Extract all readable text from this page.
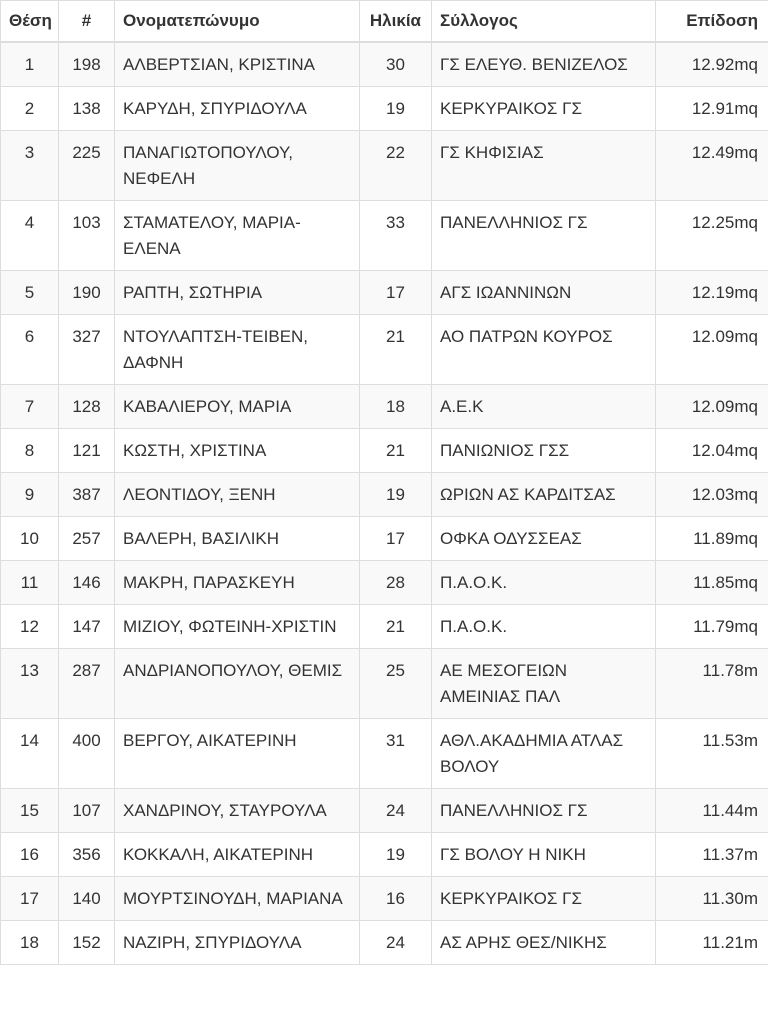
Θέση	#	Ονοματεπώνυμο	Ηλικία	Σύλλογος	Επίδοση
1	198	ΑΛΒΕΡΤΣΙΑΝ, ΚΡΙΣΤΙΝΑ	30	ΓΣ ΕΛΕΥΘ. ΒΕΝΙΖΕΛΟΣ	12.92mq
2	138	ΚΑΡΥΔΗ, ΣΠΥΡΙΔΟΥΛΑ	19	ΚΕΡΚΥΡΑΙΚΟΣ ΓΣ	12.91mq
3	225	ΠΑΝΑΓΙΩΤΟΠΟΥΛΟΥ, ΝΕΦΕΛΗ	22	ΓΣ ΚΗΦΙΣΙΑΣ	12.49mq
4	103	ΣΤΑΜΑΤΕΛΟΥ, ΜΑΡΙΑ-ΕΛΕΝΑ	33	ΠΑΝΕΛΛΗΝΙΟΣ ΓΣ	12.25mq
5	190	ΡΑΠΤΗ, ΣΩΤΗΡΙΑ	17	ΑΓΣ ΙΩΑΝΝΙΝΩΝ	12.19mq
6	327	ΝΤΟΥΛΑΠΤΣΗ-ΤΕΙΒΕΝ, ΔΑΦΝΗ	21	ΑΟ ΠΑΤΡΩΝ ΚΟΥΡΟΣ	12.09mq
7	128	ΚΑΒΑΛΙΕΡΟΥ, ΜΑΡΙΑ	18	Α.Ε.Κ	12.09mq
8	121	ΚΩΣΤΗ, ΧΡΙΣΤΙΝΑ	21	ΠΑΝΙΩΝΙΟΣ ΓΣΣ	12.04mq
9	387	ΛΕΟΝΤΙΔΟΥ, ΞΕΝΗ	19	ΩΡΙΩΝ ΑΣ ΚΑΡΔΙΤΣΑΣ	12.03mq
10	257	ΒΑΛΕΡΗ, ΒΑΣΙΛΙΚΗ	17	ΟΦΚΑ ΟΔΥΣΣΕΑΣ	11.89mq
11	146	ΜΑΚΡΗ, ΠΑΡΑΣΚΕΥΗ	28	Π.Α.Ο.Κ.	11.85mq
12	147	ΜΙΖΙΟΥ, ΦΩΤΕΙΝΗ-ΧΡΙΣΤΙΝ	21	Π.Α.Ο.Κ.	11.79mq
13	287	ΑΝΔΡΙΑΝΟΠΟΥΛΟΥ, ΘΕΜΙΣ	25	ΑΕ ΜΕΣΟΓΕΙΩΝ ΑΜΕΙΝΙΑΣ ΠΑΛ	11.78m
14	400	ΒΕΡΓΟΥ, ΑΙΚΑΤΕΡΙΝΗ	31	ΑΘΛ.ΑΚΑΔΗΜΙΑ ΑΤΛΑΣ ΒΟΛΟΥ	11.53m
15	107	ΧΑΝΔΡΙΝΟΥ, ΣΤΑΥΡΟΥΛΑ	24	ΠΑΝΕΛΛΗΝΙΟΣ ΓΣ	11.44m
16	356	ΚΟΚΚΑΛΗ, ΑΙΚΑΤΕΡΙΝΗ	19	ΓΣ ΒΟΛΟΥ Η ΝΙΚΗ	11.37m
17	140	ΜΟΥΡΤΣΙΝΟΥΔΗ, ΜΑΡΙΑΝΑ	16	ΚΕΡΚΥΡΑΙΚΟΣ ΓΣ	11.30m
18	152	ΝΑΖΙΡΗ, ΣΠΥΡΙΔΟΥΛΑ	24	ΑΣ ΑΡΗΣ ΘΕΣ/ΝΙΚΗΣ	11.21m
